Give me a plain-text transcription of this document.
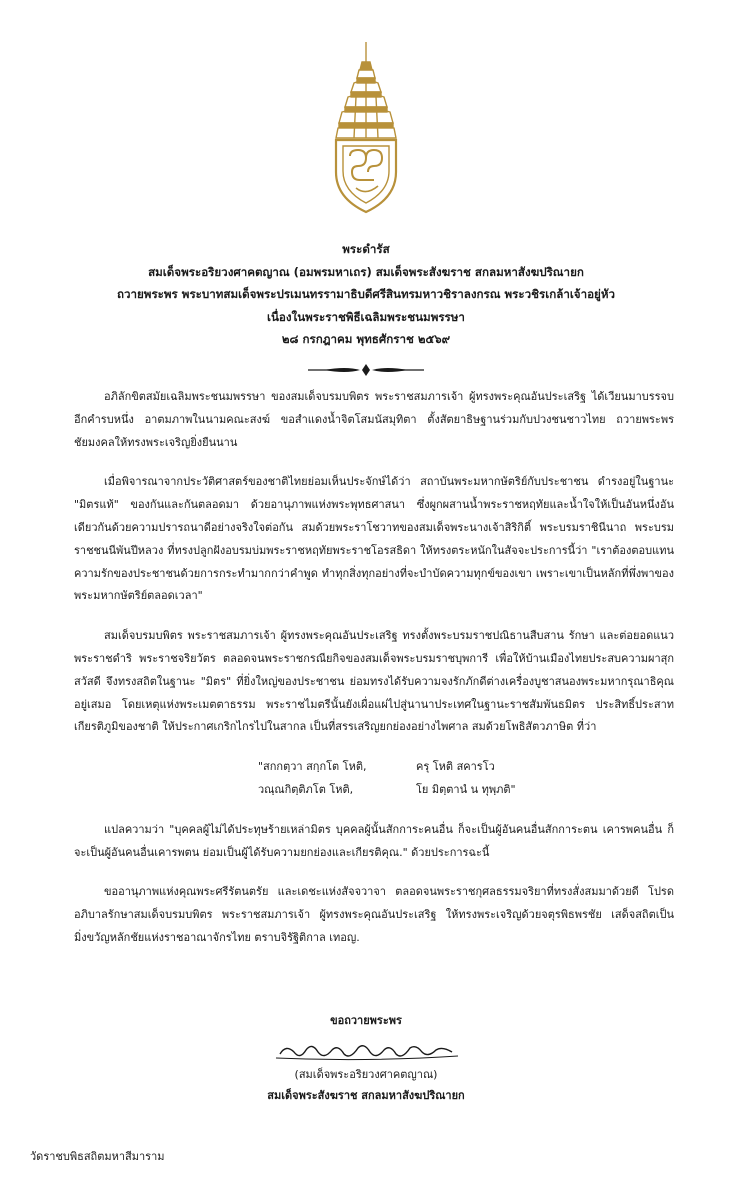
พระดำรัส
สมเด็จพระอริยวงศาคตญาณ (อมพรมหาเถร) สมเด็จพระสังฆราช สกลมหาสังฆปริณายก
ถวายพระพร พระบาทสมเด็จพระปรเมนทรรามาธิบดีศรีสินทรมหาวชิราลงกรณ พระวชิรเกล้าเจ้าอยู่หัว
เนื่องในพระราชพิธีเฉลิมพระชนมพรรษา
๒๘ กรกฎาคม พุทธศักราช ๒๕๖๙

อภิลักขิตสมัยเฉลิมพระชนมพรรษา ของสมเด็จบรมบพิตร พระราชสมภารเจ้า ผู้ทรงพระคุณอันประเสริฐ ได้เวียนมาบรรจบอีกคำรบหนึ่ง อาตมภาพในนามคณะสงฆ์ ขอสำแดงน้ำจิตโสมนัสมุทิตา ตั้งสัตยาธิษฐานร่วมกับปวงชนชาวไทย ถวายพระพรชัยมงคลให้ทรงพระเจริญยิ่งยืนนาน

เมื่อพิจารณาจากประวัติศาสตร์ของชาติไทยย่อมเห็นประจักษ์ได้ว่า สถาบันพระมหากษัตริย์กับประชาชน ดำรงอยู่ในฐานะ "มิตรแท้" ของกันและกันตลอดมา ด้วยอานุภาพแห่งพระพุทธศาสนา ซึ่งผูกผสานน้ำพระราชหฤทัยและน้ำใจให้เป็นอันหนึ่งอันเดียวกันด้วยความปรารถนาดีอย่างจริงใจต่อกัน สมด้วยพระราโชวาทของสมเด็จพระนางเจ้าสิริกิติ์ พระบรมราชินีนาถ พระบรมราชชนนีพันปีหลวง ที่ทรงปลูกฝังอบรมบ่มพระราชหฤทัยพระราชโอรสธิดา ให้ทรงตระหนักในสัจจะประการนี้ว่า "เราต้องตอบแทนความรักของประชาชนด้วยการกระทำมากกว่าคำพูด ทำทุกสิ่งทุกอย่างที่จะบำบัดความทุกข์ของเขา เพราะเขาเป็นหลักที่พึ่งพาของพระมหากษัตริย์ตลอดเวลา"

สมเด็จบรมบพิตร พระราชสมภารเจ้า ผู้ทรงพระคุณอันประเสริฐ ทรงตั้งพระบรมราชปณิธานสืบสาน รักษา และต่อยอดแนวพระราชดำริ พระราชจริยวัตร ตลอดจนพระราชกรณียกิจของสมเด็จพระบรมราชบุพการี เพื่อให้บ้านเมืองไทยประสบความผาสุกสวัสดี จึงทรงสถิตในฐานะ "มิตร" ที่ยิ่งใหญ่ของประชาชน ย่อมทรงได้รับความจงรักภักดีต่างเครื่องบูชาสนองพระมหากรุณาธิคุณอยู่เสมอ โดยเหตุแห่งพระเมตตาธรรม พระราชไมตรีนั้นยังเผื่อแผ่ไปสู่นานาประเทศในฐานะราชสัมพันธมิตร ประสิทธิ์ประสาทเกียรติภูมิของชาติ ให้ประกาศเกริกไกรไปในสากล เป็นที่สรรเสริญยกย่องอย่างไพศาล สมด้วยโพธิสัตวภาษิต ที่ว่า

"สกกตฺวา สกฺกโต โหติ,	ครุ โหติ สคารโว
วณฺณกิตฺติภโต โหติ,	โย มิตฺตานํ น ทุพฺภติ"

แปลความว่า "บุคคลผู้ไม่ได้ประทุษร้ายเหล่ามิตร บุคคลผู้นั้นสักการะคนอื่น ก็จะเป็นผู้อันคนอื่นสักการะตน เคารพคนอื่น ก็จะเป็นผู้อันคนอื่นเคารพตน ย่อมเป็นผู้ได้รับความยกย่องและเกียรติคุณ." ด้วยประการฉะนี้

ขออานุภาพแห่งคุณพระศรีรัตนตรัย และเดชะแห่งสัจจวาจา ตลอดจนพระราชกุศลธรรมจริยาที่ทรงสั่งสมมาด้วยดี โปรดอภิบาลรักษาสมเด็จบรมบพิตร พระราชสมภารเจ้า ผู้ทรงพระคุณอันประเสริฐ ให้ทรงพระเจริญด้วยจตุรพิธพรชัย เสด็จสถิตเป็นมิ่งขวัญหลักชัยแห่งราชอาณาจักรไทย ตราบจิรัฐิติกาล เทอญ.

ขอถวายพระพร
(สมเด็จพระอริยวงศาคตญาณ)
สมเด็จพระสังฆราช สกลมหาสังฆปริณายก
วัดราชบพิธสถิตมหาสีมาราม
